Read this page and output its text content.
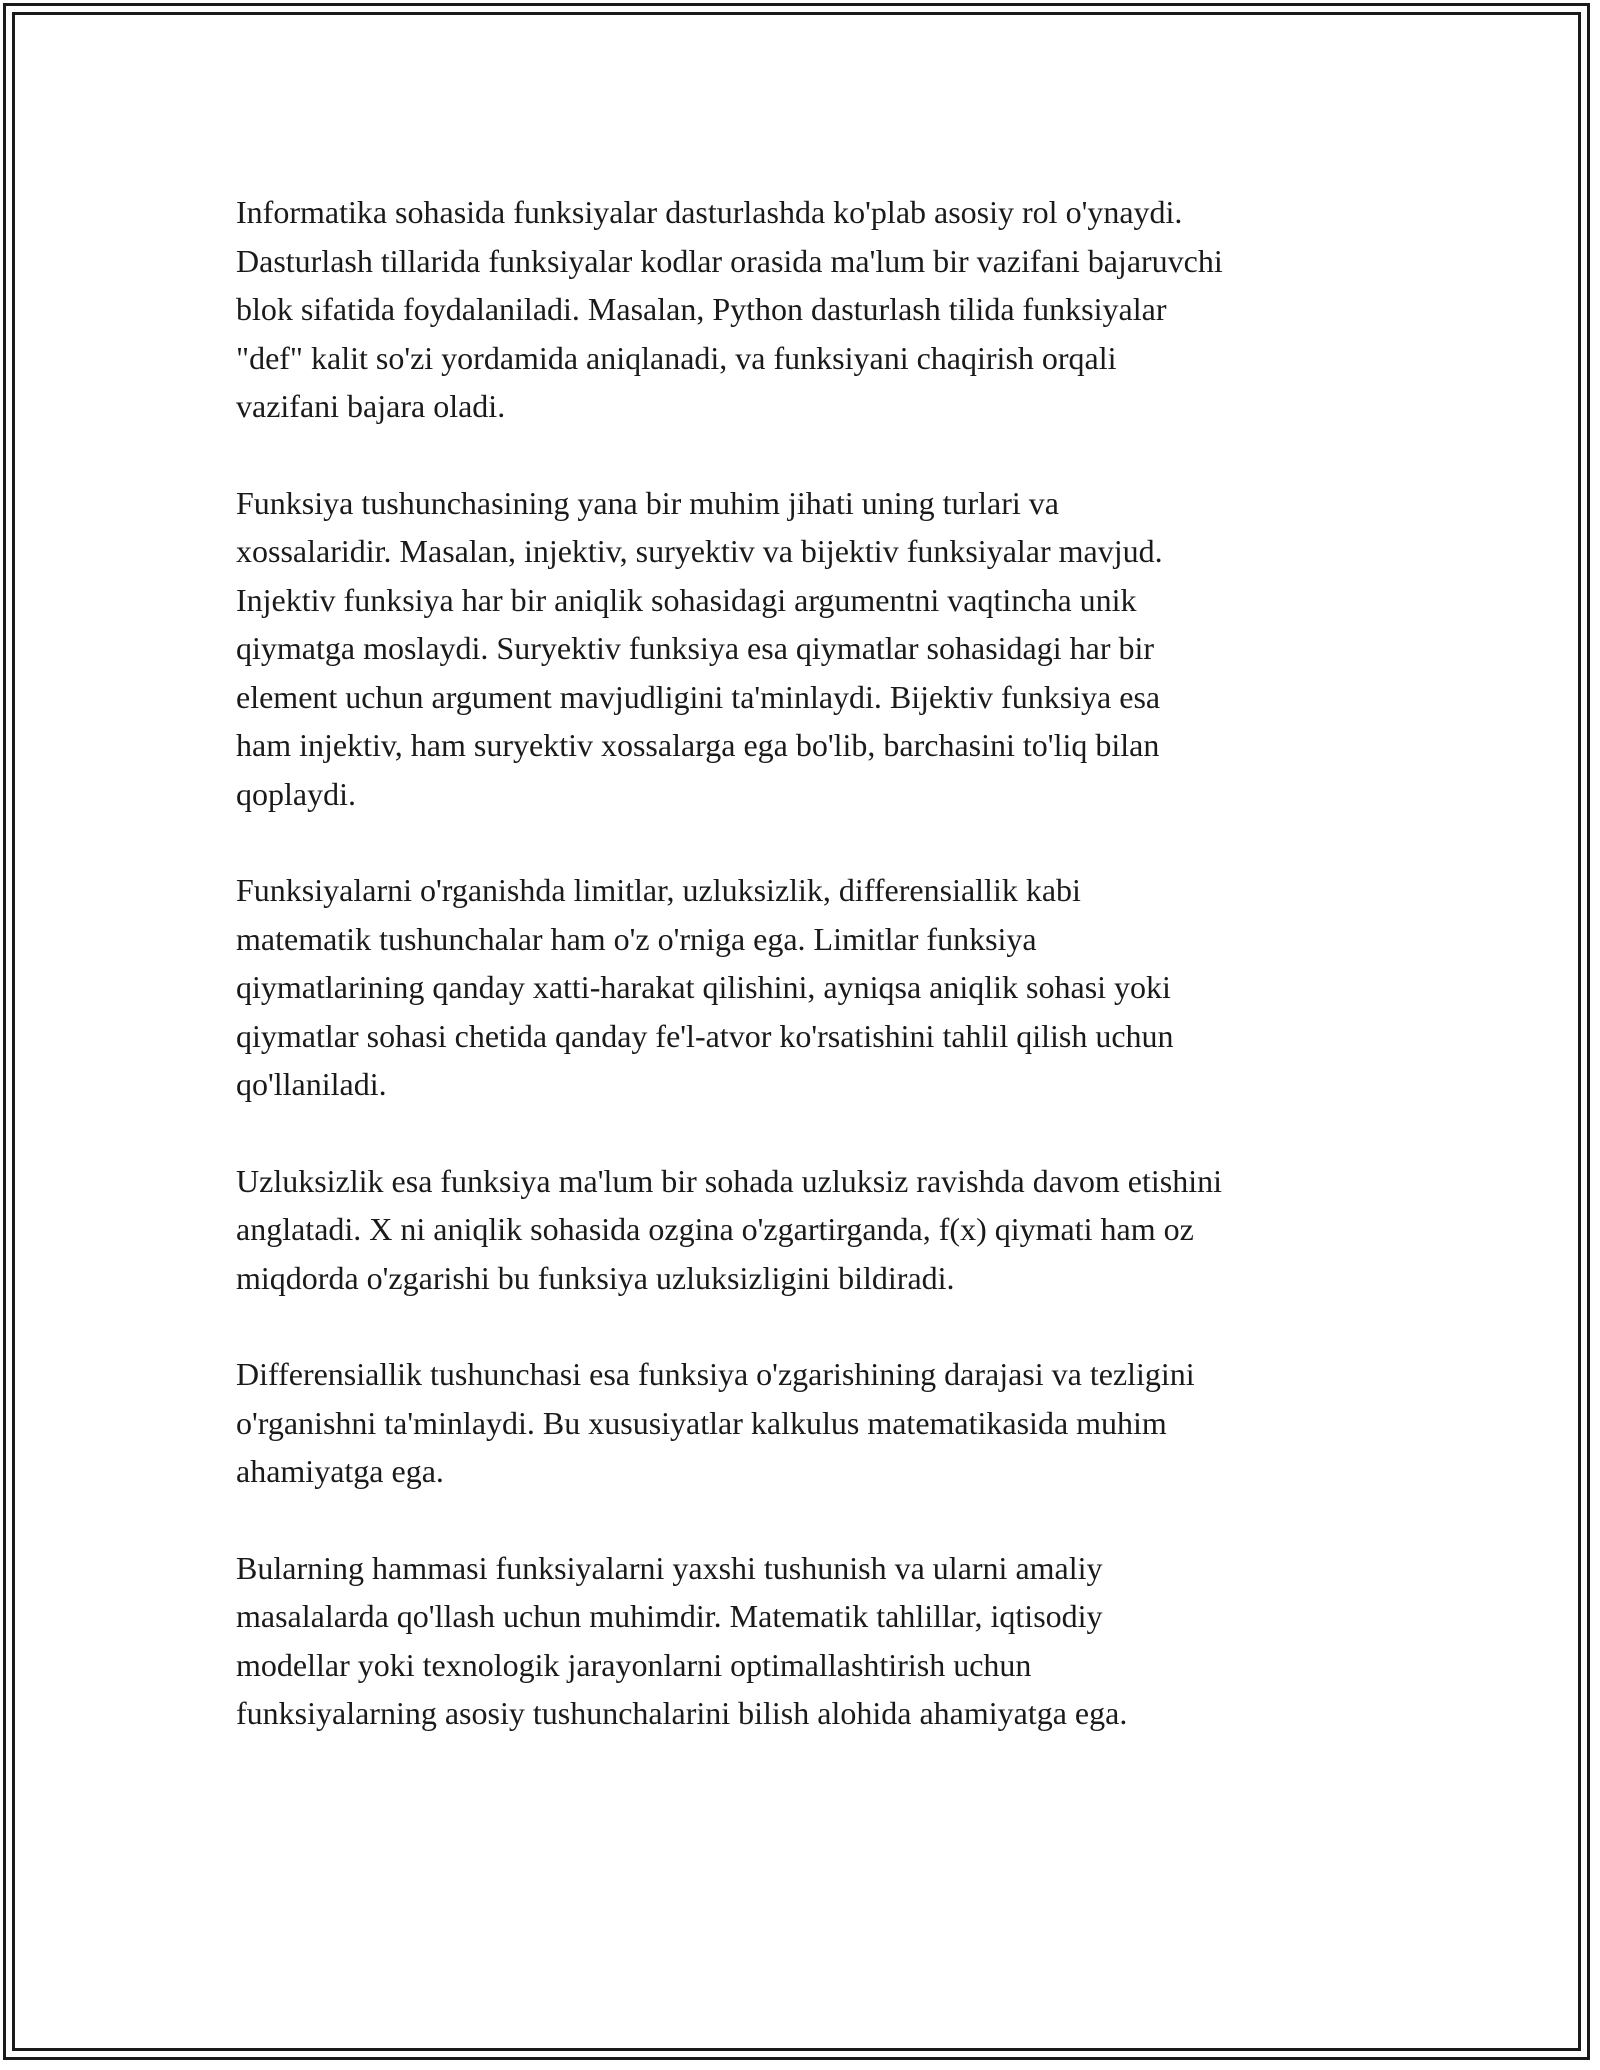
Informatika sohasida funksiyalar dasturlashda ko'plab asosiy rol o'ynaydi.
Dasturlash tillarida funksiyalar kodlar orasida ma'lum bir vazifani bajaruvchi
blok sifatida foydalaniladi. Masalan, Python dasturlash tilida funksiyalar
"def" kalit so'zi yordamida aniqlanadi, va funksiyani chaqirish orqali
vazifani bajara oladi.

Funksiya tushunchasining yana bir muhim jihati uning turlari va
xossalaridir. Masalan, injektiv, suryektiv va bijektiv funksiyalar mavjud.
Injektiv funksiya har bir aniqlik sohasidagi argumentni vaqtincha unik
qiymatga moslaydi. Suryektiv funksiya esa qiymatlar sohasidagi har bir
element uchun argument mavjudligini ta'minlaydi. Bijektiv funksiya esa
ham injektiv, ham suryektiv xossalarga ega bo'lib, barchasini to'liq bilan
qoplaydi.

Funksiyalarni o'rganishda limitlar, uzluksizlik, differensiallik kabi
matematik tushunchalar ham o'z o'rniga ega. Limitlar funksiya
qiymatlarining qanday xatti-harakat qilishini, ayniqsa aniqlik sohasi yoki
qiymatlar sohasi chetida qanday fe'l-atvor ko'rsatishini tahlil qilish uchun
qo'llaniladi.

Uzluksizlik esa funksiya ma'lum bir sohada uzluksiz ravishda davom etishini
anglatadi. X ni aniqlik sohasida ozgina o'zgartirganda, f(x) qiymati ham oz
miqdorda o'zgarishi bu funksiya uzluksizligini bildiradi.

Differensiallik tushunchasi esa funksiya o'zgarishining darajasi va tezligini
o'rganishni ta'minlaydi. Bu xususiyatlar kalkulus matematikasida muhim
ahamiyatga ega.

Bularning hammasi funksiyalarni yaxshi tushunish va ularni amaliy
masalalarda qo'llash uchun muhimdir. Matematik tahlillar, iqtisodiy
modellar yoki texnologik jarayonlarni optimallashtirish uchun
funksiyalarning asosiy tushunchalarini bilish alohida ahamiyatga ega.
